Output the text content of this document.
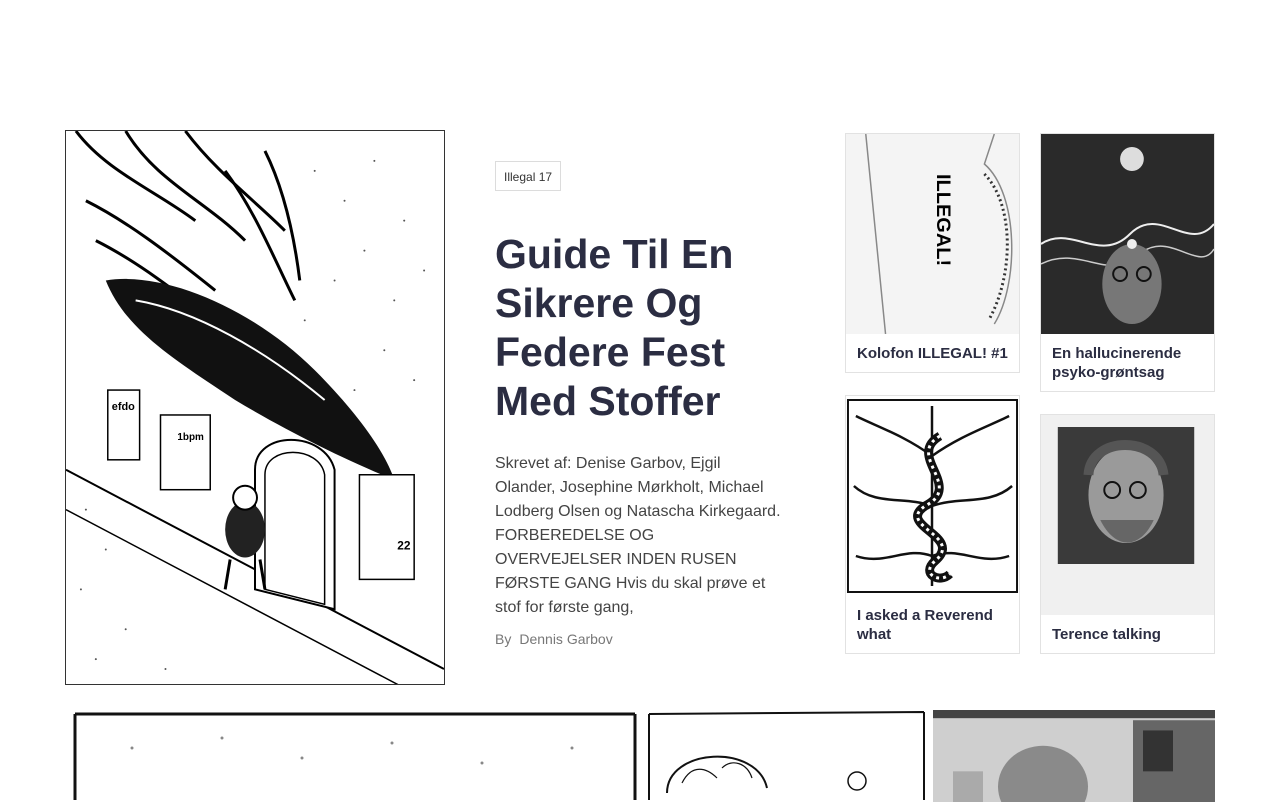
efdo
1bpm
22
Illegal 17
Guide Til En Sikrere Og Federe Fest Med Stoffer

Skrevet af: Denise Garbov, Ejgil Olander, Josephine Mørkholt, Michael Lodberg Olsen og Natascha Kirkegaard. FORBEREDELSE OG OVERVEJELSER INDEN RUSEN FØRSTE GANG Hvis du skal prøve et stof for første gang,

By Dennis Garbov
ILLEGAL!
Kolofon ILLEGAL! #1	En hallucinerende psyko-grøntsag
I asked a Reverend what	Terence talking
